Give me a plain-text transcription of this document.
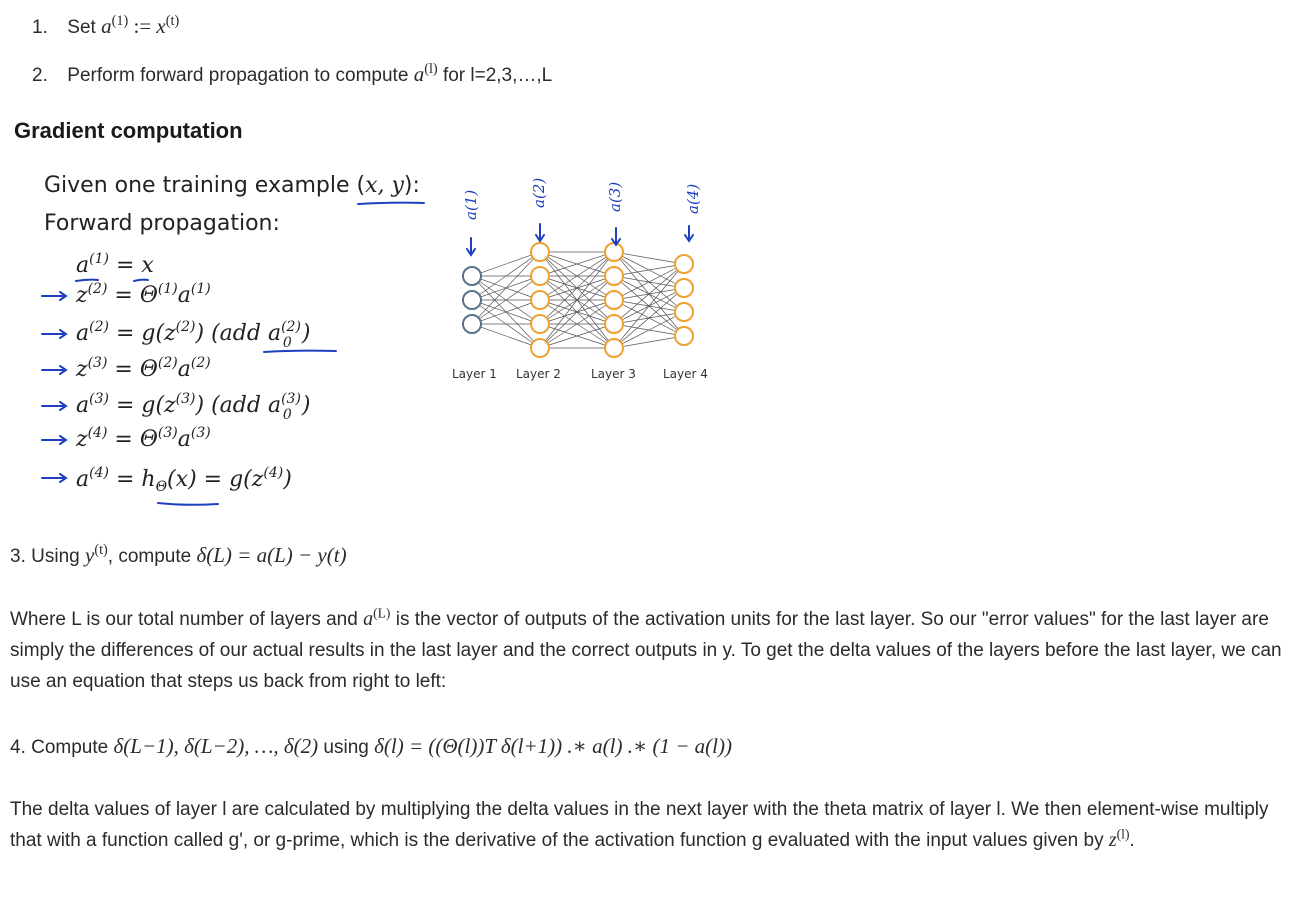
1. Set $a^{(1)}$ := $x^{(t)}$
2. Perform forward propagation to compute $a^{(l)}$ for l=2,3,…,L
Gradient computation
Given one training example (x, y):
Forward propagation:
$a^{(1)} = x$
$z^{(2)} = \Theta^{(1)}a^{(1)}$
$a^{(2)} = g(z^{(2)})$ (add $a^{(2)}$ 0 )
$z^{(3)} = \Theta^{(2)}a^{(2)}$
$a^{(3)} = g(z^{(3)})$ (add $a^{(3)}$ 0 )
$z^{(4)} = \Theta^{(3)}a^{(3)}$
$a^{(4)} = h_\Theta(x) = g(z^{(4)})$
Layer 1 Layer 2	Layer 3 Layer 4
a(1)	a(2)	a(3)	a(4)
3. Using $y^{(t)}$, compute δ(L) = a(L) − y(t)
Where L is our total number of layers and $a^{(L)}$ is the vector of outputs of the activation units for the last layer. So our "error values" for the last layer are simply the differences of our actual results in the last layer and the correct outputs in y. To get the delta values of the layers before the last layer, we can use an equation that steps us back from right to left:
4. Compute δ(L−1), δ(L−2), …, δ(2) using δ(l) = ((Θ(l))T δ(l+1)) .∗ a(l) .∗ (1 − a(l))
The delta values of layer l are calculated by multiplying the delta values in the next layer with the theta matrix of layer l. We then element-wise multiply that with a function called g', or g-prime, which is the derivative of the activation function g evaluated with the input values given by $z^{(l)}$.
